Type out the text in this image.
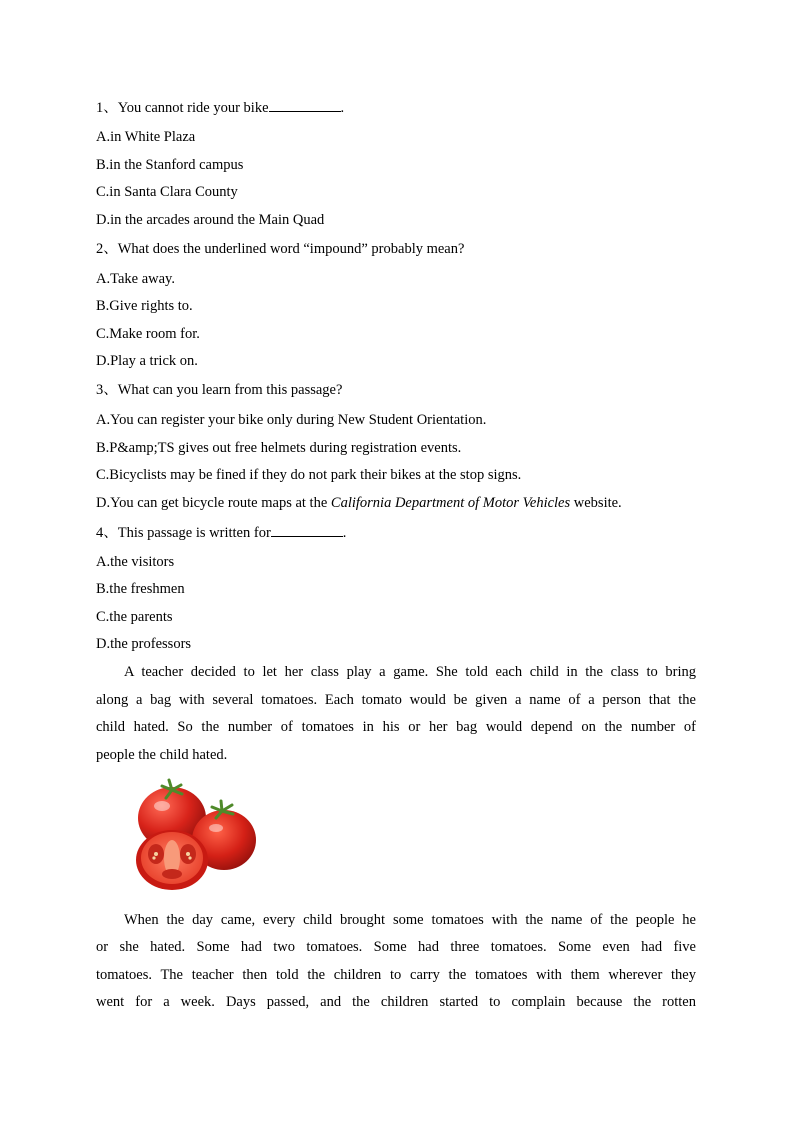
1、You cannot ride your bike	.
A.in White Plaza
B.in the Stanford campus
C.in Santa Clara County
D.in the arcades around the Main Quad
2、What does the underlined word “impound” probably mean?
A.Take away.
B.Give rights to.
C.Make room for.
D.Play a trick on.
3、What can you learn from this passage?
A.You can register your bike only during New Student Orientation.
B.P&amp;TS gives out free helmets during registration events.
C.Bicyclists may be fined if they do not park their bikes at the stop signs.
D.You can get bicycle route maps at the California Department of Motor Vehicles website.
4、This passage is written for	.
A.the visitors
B.the freshmen
C.the parents
D.the professors
A teacher decided to let her class play a game. She told each child in the class to bring
along a bag with several tomatoes. Each tomato would be given a name of a person that the
child hated. So the number of tomatoes in his or her bag would depend on the number of
people the child hated.
When the day came, every child brought some tomatoes with the name of the people he
or she hated. Some had two tomatoes. Some had three tomatoes. Some even had five
tomatoes. The teacher then told the children to carry the tomatoes with them wherever they
went for a week. Days passed, and the children started to complain because the rotten
